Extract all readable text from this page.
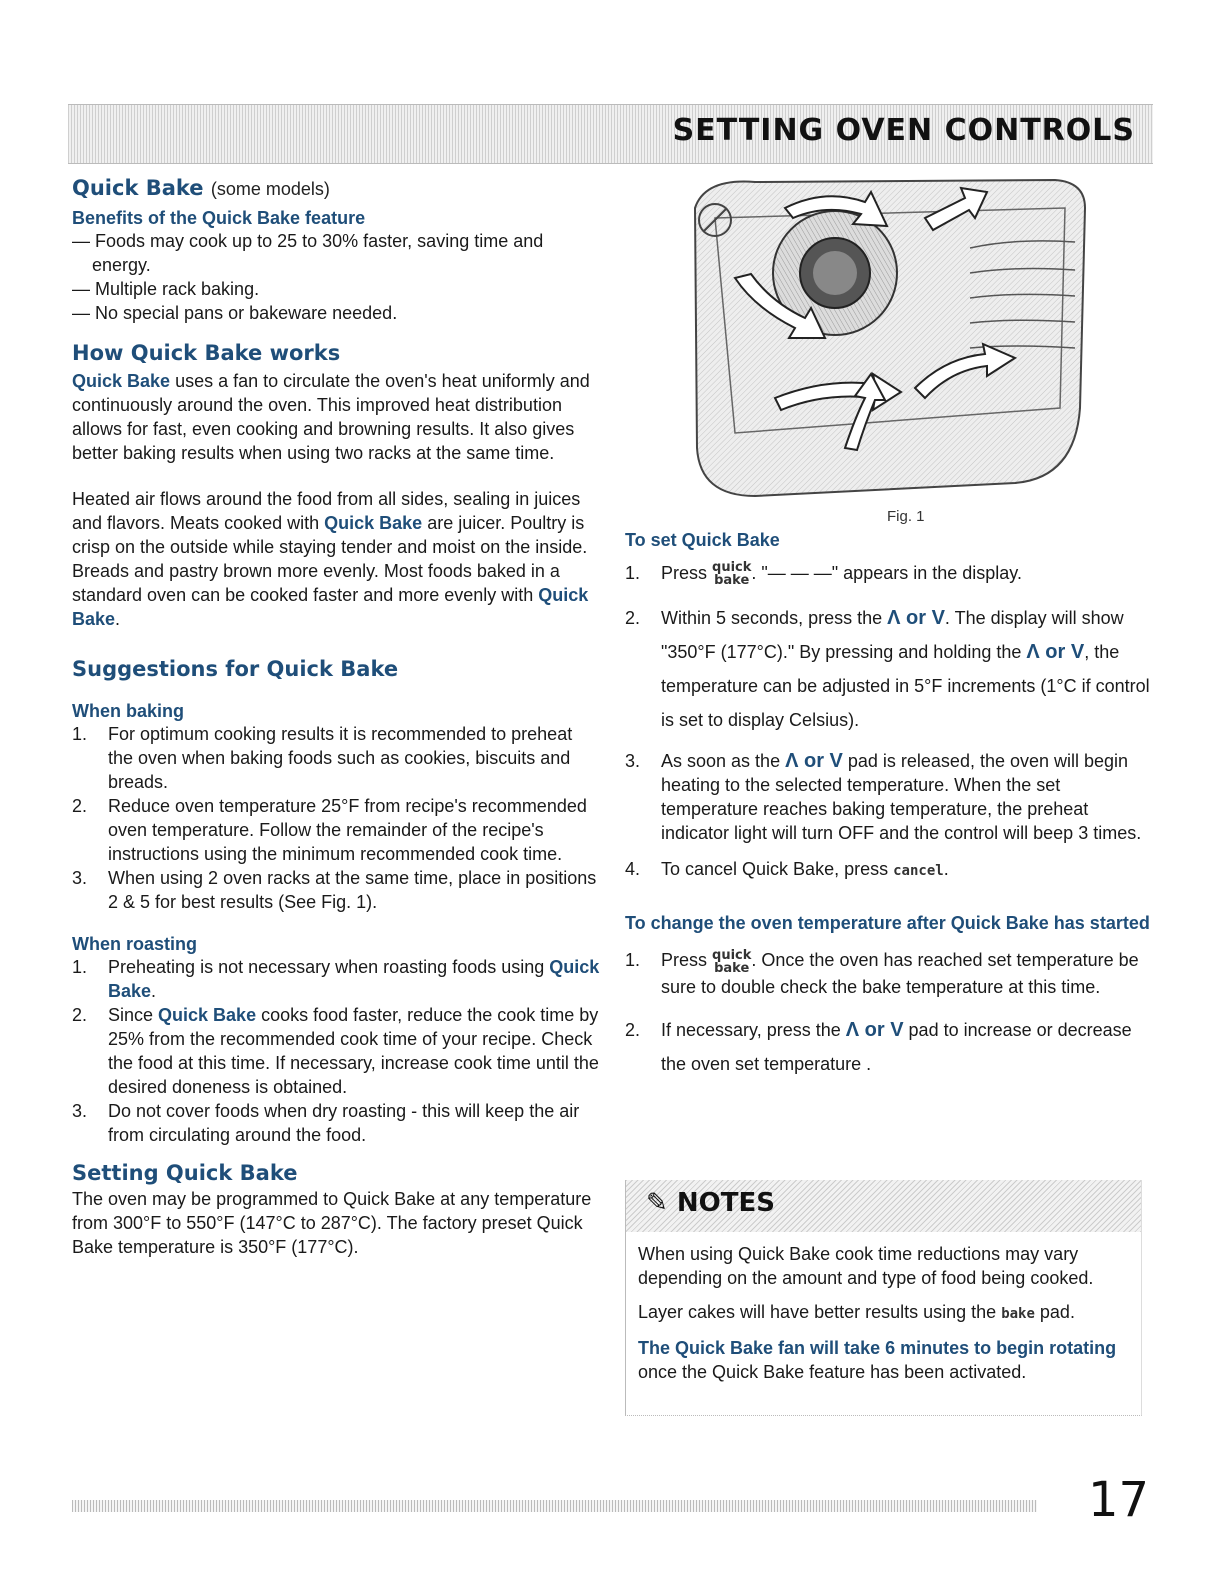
SETTING OVEN CONTROLS
Quick Bake (some models)
Benefits of the Quick Bake feature

— Foods may cook up to 25 to 30% faster, saving time and energy.

— Multiple rack baking.

— No special pans or bakeware needed.

How Quick Bake works

Quick Bake uses a fan to circulate the oven's heat uniformly and continuously around the oven. This improved heat distribution allows for fast, even cooking and browning results. It also gives better baking results when using two racks at the same time.

Heated air flows around the food from all sides, sealing in juices and flavors. Meats cooked with Quick Bake are juicer. Poultry is crisp on the outside while staying tender and moist on the inside. Breads and pastry brown more evenly. Most foods baked in a standard oven can be cooked faster and more evenly with Quick Bake.

Suggestions for Quick Bake
When baking
1. For optimum cooking results it is recommended to preheat the oven when baking foods such as cookies, biscuits and breads.
2. Reduce oven temperature 25°F from recipe's recommended oven temperature. Follow the remainder of the recipe's instructions using the minimum recommended cook time.
3. When using 2 oven racks at the same time, place in positions 2 & 5 for best results (See Fig. 1).
When roasting
1. Preheating is not necessary when roasting foods using Quick Bake.
2. Since Quick Bake cooks food faster, reduce the cook time by 25% from the recommended cook time of your recipe. Check the food at this time. If necessary, increase cook time until the desired doneness is obtained.
3. Do not cover foods when dry roasting - this will keep the air from circulating around the food.
Setting Quick Bake

The oven may be programmed to Quick Bake at any temperature from 300°F to 550°F (147°C to 287°C). The factory preset Quick Bake temperature is 350°F (177°C).

Fig. 1
To set Quick Bake
1. Press quick
bake . "— — —" appears in the display.
2. Within 5 seconds, press the Λ or V. The display will show "350°F (177°C)." By pressing and holding the Λ or V, the temperature can be adjusted in 5°F increments (1°C if control is set to display Celsius).
3. As soon as the Λ or V pad is released, the oven will begin heating to the selected temperature. When the set temperature reaches baking temperature, the preheat indicator light will turn OFF and the control will beep 3 times.
4. To cancel Quick Bake, press cancel.
To change the oven temperature after Quick Bake has started
1. Press quick
bake . Once the oven has reached set temperature be sure to double check the bake temperature at this time.
2. If necessary, press the Λ or V pad to increase or decrease the oven set temperature .
✎ NOTES

When using Quick Bake cook time reductions may vary depending on the amount and type of food being cooked.

Layer cakes will have better results using the bake pad.

The Quick Bake fan will take 6 minutes to begin rotating once the Quick Bake feature has been activated.

17
